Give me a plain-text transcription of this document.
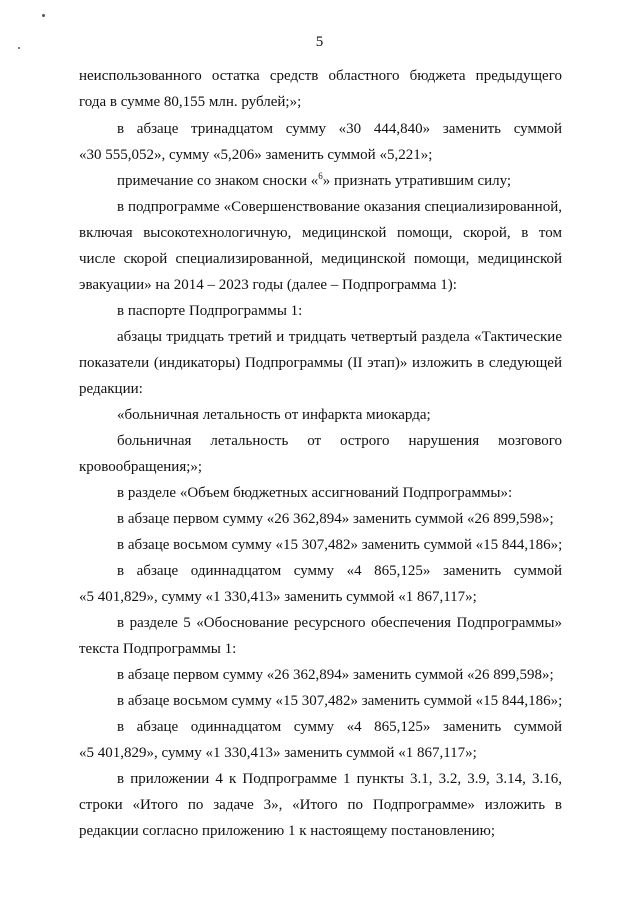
5
неиспользованного остатка средств областного бюджета предыдущего
года в сумме 80,155 млн. рублей;»;
в абзаце тринадцатом сумму «30 444,840» заменить суммой
«30 555,052», сумму «5,206» заменить суммой «5,221»;
примечание со знаком сноски «$^6$» признать утратившим силу;
в подпрограмме «Совершенствование оказания специализированной,
включая высокотехнологичную, медицинской помощи, скорой, в том
числе скорой специализированной, медицинской помощи, медицинской
эвакуации» на 2014 – 2023 годы (далее – Подпрограмма 1):
в паспорте Подпрограммы 1:
абзацы тридцать третий и тридцать четвертый раздела «Тактические
показатели (индикаторы) Подпрограммы (II этап)» изложить в следующей
редакции:
«больничная летальность от инфаркта миокарда;
больничная летальность от острого нарушения мозгового
кровообращения;»;
в разделе «Объем бюджетных ассигнований Подпрограммы»:
в абзаце первом сумму «26 362,894» заменить суммой «26 899,598»;
в абзаце восьмом сумму «15 307,482» заменить суммой «15 844,186»;
в абзаце одиннадцатом сумму «4 865,125» заменить суммой
«5 401,829», сумму «1 330,413» заменить суммой «1 867,117»;
в разделе 5 «Обоснование ресурсного обеспечения Подпрограммы»
текста Подпрограммы 1:
в абзаце первом сумму «26 362,894» заменить суммой «26 899,598»;
в абзаце восьмом сумму «15 307,482» заменить суммой «15 844,186»;
в абзаце одиннадцатом сумму «4 865,125» заменить суммой
«5 401,829», сумму «1 330,413» заменить суммой «1 867,117»;
в приложении 4 к Подпрограмме 1 пункты 3.1, 3.2, 3.9, 3.14, 3.16,
строки «Итого по задаче 3», «Итого по Подпрограмме» изложить в
редакции согласно приложению 1 к настоящему постановлению;
